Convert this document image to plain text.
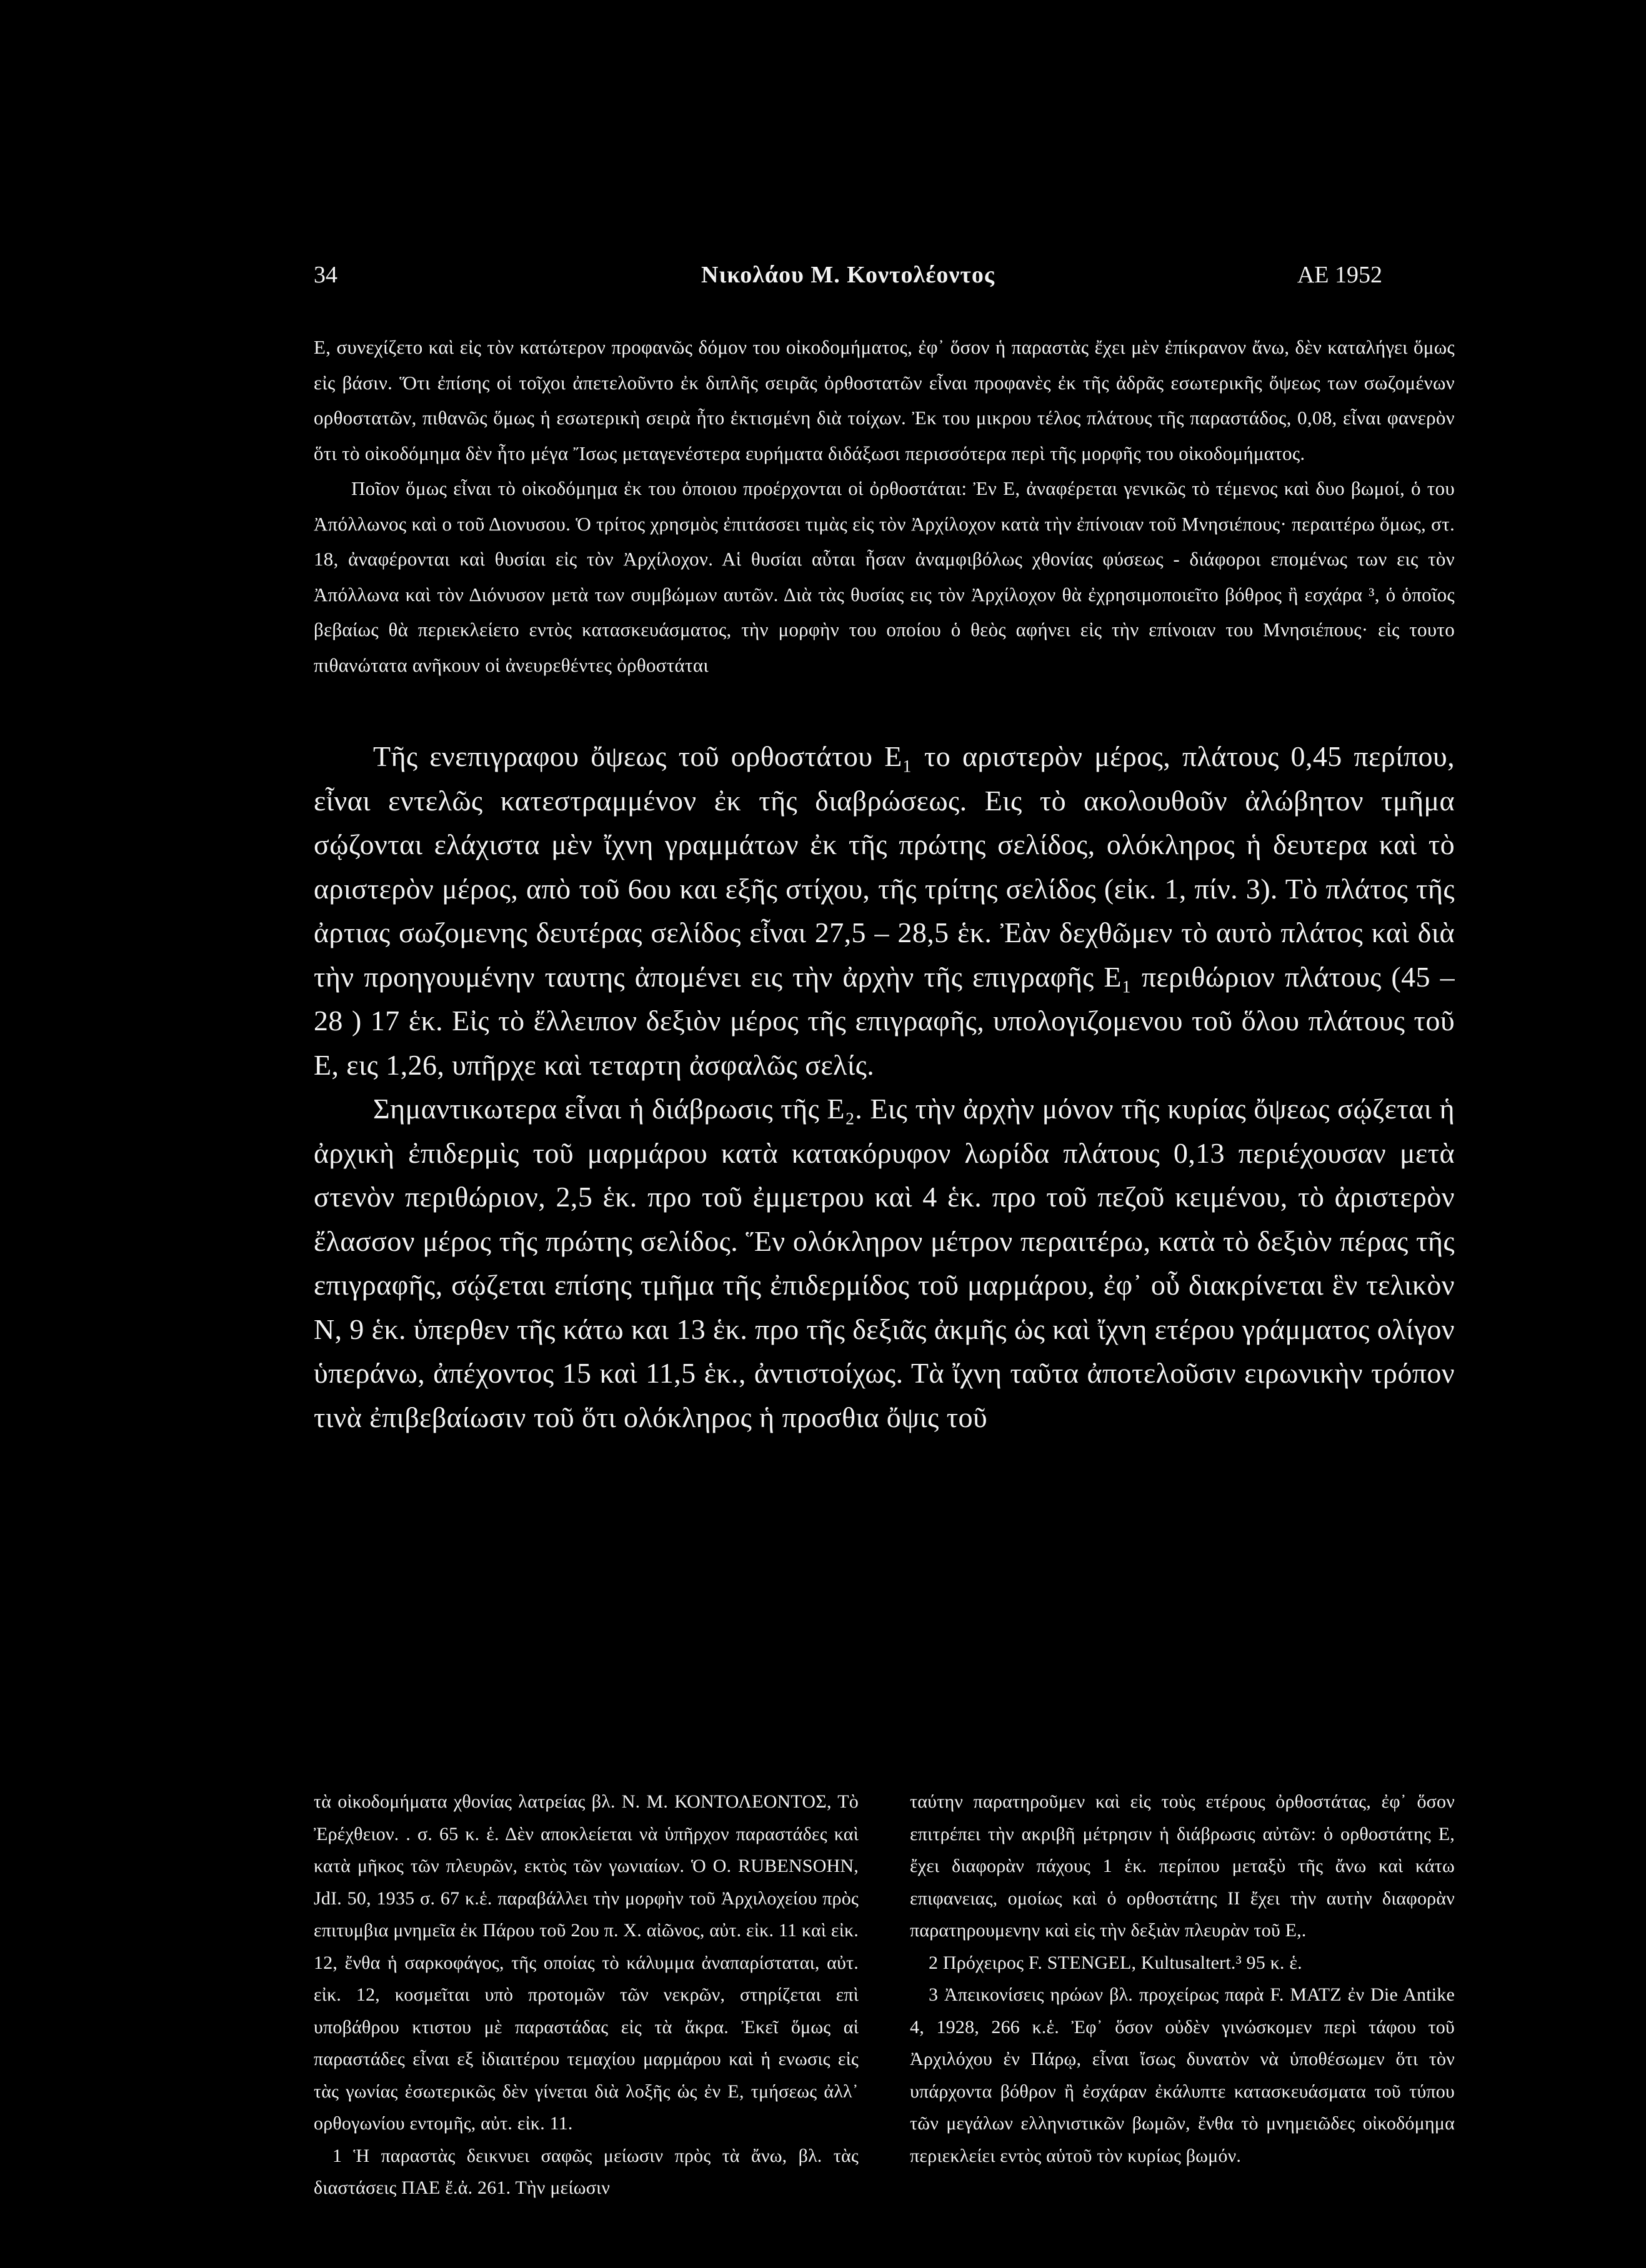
34	Νικολάου Μ. Κοντολέοντος	ΑΕ 1952

Ε, συνεχίζετο καὶ εἰς τὸν κατώτερον προφανῶς δόμον του οἰκοδομήματος, ἐφ᾽ ὅσον ἡ παραστὰς ἔχει μὲν ἐπίκρανον ἄνω, δὲν καταλήγει ὅμως εἰς βάσιν. Ὅτι ἐπίσης οἱ τοῖχοι ἀπετελοῦντο ἐκ διπλῆς σειρᾶς ὀρθοστατῶν εἶναι προφανὲς ἐκ τῆς ἀδρᾶς εσωτερικῆς ὄψεως των σωζομένων ορθοστατῶν, πιθανῶς ὅμως ἡ εσωτερικὴ σειρὰ ἦτο ἐκτισμένη διὰ τοίχων. Ἐκ του μικρου τέλος πλάτους τῆς παραστάδος, 0,08, εἶναι φανερὸν ὅτι τὸ οἰκοδόμημα δὲν ἦτο μέγα Ἴσως μεταγενέστερα ευρήματα διδάξωσι περισσότερα περὶ τῆς μορφῆς του οἰκοδομήματος.

Ποῖον ὅμως εἶναι τὸ οἰκοδόμημα ἐκ του ὁποιου προέρχονται οἱ ὀρθοστάται: Ἐν Ε, ἀναφέρεται γενικῶς τὸ τέμενος καὶ δυο βωμοί, ὁ του Ἀπόλλωνος καὶ ο τοῦ Διονυσου. Ὁ τρίτος χρησμὸς ἐπιτάσσει τιμὰς εἰς τὸν Ἀρχίλοχον κατὰ τὴν ἐπίνοιαν τοῦ Μνησιέπους· περαιτέρω ὅμως, στ. 18, ἀναφέρονται καὶ θυσίαι εἰς τὸν Ἀρχίλοχον. Αἱ θυσίαι αὗται ἦσαν ἀναμφιβόλως χθονίας φύσεως - διάφοροι επομένως των εις τὸν Ἀπόλλωνα καὶ τὸν Διόνυσον μετὰ των συμβώμων αυτῶν. Διὰ τὰς θυσίας εις τὸν Ἀρχίλοχον θὰ ἐχρησιμοποιεῖτο βόθρος ἢ εσχάρα ³, ὁ ὁποῖος βεβαίως θὰ περιεκλείετο εντὸς κατασκευάσματος, τὴν μορφὴν του οποίου ὁ θεὸς αφήνει εἰς τὴν επίνοιαν του Μνησιέπους· εἰς τουτο πιθανώτατα ανῆκουν οἱ ἀνευρεθέντες ὀρθοστάται

Τῆς ενεπιγραφου ὄψεως τοῦ ορθοστάτου Ε₁ το αριστερὸν μέρος, πλάτους 0,45 περίπου, εἶναι εντελῶς κατεστραμμένον ἐκ τῆς διαβρώσεως. Εις τὸ ακολουθοῦν ἀλώβητον τμῆμα σῴζονται ελάχιστα μὲν ἴχνη γραμμάτων ἐκ τῆς πρώτης σελίδος, ολόκληρος ἡ δευτερα καὶ τὸ αριστερὸν μέρος, απὸ τοῦ 6ου και εξῆς στίχου, τῆς τρίτης σελίδος (εἰκ. 1, πίν. 3). Τὸ πλάτος τῆς ἀρτιας σωζομενης δευτέρας σελίδος εἶναι 27,5 – 28,5 ἑκ. Ἐὰν δεχθῶμεν τὸ αυτὸ πλάτος καὶ διὰ τὴν προηγουμένην ταυτης ἀπομένει εις τὴν ἀρχὴν τῆς επιγραφῆς Ε₁ περιθώριον πλάτους (45 – 28 ) 17 ἑκ. Εἰς τὸ ἔλλειπον δεξιὸν μέρος τῆς επιγραφῆς, υπολογιζομενου τοῦ ὅλου πλάτους τοῦ Ε, εις 1,26, υπῆρχε καὶ τεταρτη ἀσφαλῶς σελίς.

Σημαντικωτερα εἶναι ἡ διάβρωσις τῆς Ε₂. Εις τὴν ἀρχὴν μόνον τῆς κυρίας ὄψεως σῴζεται ἡ ἀρχικὴ ἐπιδερμὶς τοῦ μαρμάρου κατὰ κατακόρυφον λωρίδα πλάτους 0,13 περιέχουσαν μετὰ στενὸν περιθώριον, 2,5 ἑκ. προ τοῦ ἐμμετρου καὶ 4 ἑκ. προ τοῦ πεζοῦ κειμένου, τὸ ἀριστερὸν ἔλασσον μέρος τῆς πρώτης σελίδος. Ἕν ολόκληρον μέτρον περαιτέρω, κατὰ τὸ δεξιὸν πέρας τῆς επιγραφῆς, σῴζεται επίσης τμῆμα τῆς ἐπιδερμίδος τοῦ μαρμάρου, ἐφ᾽ οὗ διακρίνεται ἓν τελικὸν Ν, 9 ἑκ. ὑπερθεν τῆς κάτω και 13 ἑκ. προ τῆς δεξιᾶς ἀκμῆς ὡς καὶ ἴχνη ετέρου γράμματος ολίγον ὑπεράνω, ἀπέχοντος 15 καὶ 11,5 ἑκ., ἀντιστοίχως. Τὰ ἴχνη ταῦτα ἀποτελοῦσιν ειρωνικὴν τρόπον τινὰ ἐπιβεβαίωσιν τοῦ ὅτι ολόκληρος ἡ προσθια ὄψις τοῦ

τὰ οἰκοδομήματα χθονίας λατρείας βλ. Ν. Μ. ΚΟΝΤΟΛΕΟΝΤΟΣ, Τὸ Ἐρέχθειον. . σ. 65 κ. ἑ. Δὲν αποκλείεται νὰ ὑπῆρχον παραστάδες καὶ κατὰ μῆκος τῶν πλευρῶν, εκτὸς τῶν γωνιαίων. Ὁ O. RUBENSOHN, JdI. 50, 1935 σ. 67 κ.ἑ. παραβάλλει τὴν μορφὴν τοῦ Ἀρχιλοχείου πρὸς επιτυμβια μνημεῖα ἐκ Πάρου τοῦ 2ου π. Χ. αἰῶνος, αὐτ. εἰκ. 11 καὶ εἰκ. 12, ἔνθα ἡ σαρκοφάγος, τῆς οποίας τὸ κάλυμμα ἀναπαρίσταται, αὐτ. εἰκ. 12, κοσμεῖται υπὸ προτομῶν τῶν νεκρῶν, στηρίζεται επὶ υποβάθρου κτιστου μὲ παραστάδας εἰς τὰ ἄκρα. Ἐκεῖ ὅμως αἱ παραστάδες εἶναι εξ ἰδιαιτέρου τεμαχίου μαρμάρου καὶ ἡ ενωσις εἰς τὰς γωνίας ἐσωτερικῶς δὲν γίνεται διὰ λοξῆς ὡς ἐν Ε, τμήσεως ἀλλ᾽ ορθογωνίου εντομῆς, αὐτ. εἰκ. 11.

1 Ἡ παραστὰς δεικνυει σαφῶς μείωσιν πρὸς τὰ ἄνω, βλ. τὰς διαστάσεις ΠΑΕ ἔ.ἀ. 261. Τὴν μείωσιν

ταύτην παρατηροῦμεν καὶ εἰς τοὺς ετέρους ὀρθοστάτας, ἐφ᾽ ὅσον επιτρέπει τὴν ακριβῆ μέτρησιν ἡ διάβρωσις αὐτῶν: ὁ ορθοστάτης Ε, ἔχει διαφορὰν πάχους 1 ἑκ. περίπου μεταξὺ τῆς ἄνω καὶ κάτω επιφανειας, ομοίως καὶ ὁ ορθοστάτης ΙΙ ἔχει τὴν αυτὴν διαφορὰν παρατηρουμενην καὶ εἰς τὴν δεξιὰν πλευρὰν τοῦ Ε,.

2 Πρόχειρος F. STENGEL, Kultusaltert.³ 95 κ. ἑ.

3 Ἀπεικονίσεις ηρώων βλ. προχείρως παρὰ F. MATZ ἐν Die Antike 4, 1928, 266 κ.ἑ. Ἐφ᾽ ὅσον οὐδὲν γινώσκομεν περὶ τάφου τοῦ Ἀρχιλόχου ἐν Πάρῳ, εἶναι ἴσως δυνατὸν νὰ ὑποθέσωμεν ὅτι τὸν υπάρχοντα βόθρον ἢ ἐσχάραν ἐκάλυπτε κατασκευάσματα τοῦ τύπου τῶν μεγάλων ελληνιστικῶν βωμῶν, ἔνθα τὸ μνημειῶδες οἰκοδόμημα περιεκλείει εντὸς αὑτοῦ τὸν κυρίως βωμόν.
